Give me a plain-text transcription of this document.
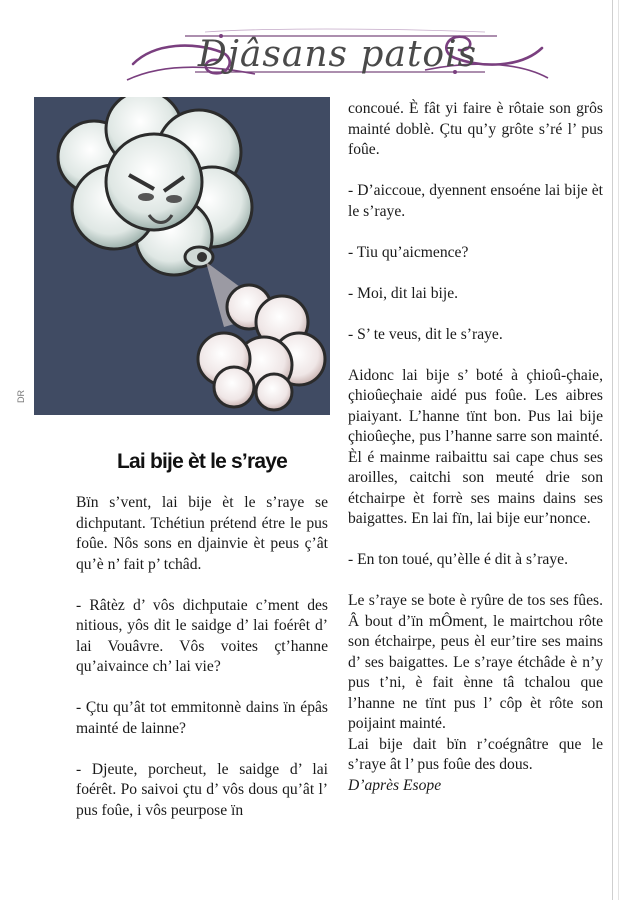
Djâsans patois
DR
Lai bije èt le s’raye

Bïn s’vent, lai bije èt le s’raye se dichputant. Tchétiun prétend étre le pus foûe. Nôs sons en djainvie èt peus ç’ât qu’è n’ fait p’ tchâd.

- Râtèz d’ vôs dichputaie c’ment des nitious, yôs dit le saidge d’ lai foérêt d’ lai Vouâvre. Vôs voites çt’hanne qu’aivaince ch’ lai vie?

- Çtu qu’ât tot emmitonnè dains ïn épâs mainté de lainne?

- Djeute, porcheut, le saidge d’ lai foérêt. Po saivoi çtu d’ vôs dous qu’ât l’ pus foûe, i vôs peurpose ïn

concoué. È fât yi faire è rôtaie son grôs mainté doblè. Çtu qu’y grôte s’ré l’ pus foûe.

- D’aiccoue, dyennent ensoéne lai bije èt le s’raye.

- Tiu qu’aicmence?

- Moi, dit lai bije.

- S’ te veus, dit le s’raye.

Aidonc lai bije s’ boté à çhioû-çhaie, çhioûeçhaie aidé pus foûe. Les aibres piaiyant. L’hanne tïnt bon. Pus lai bije çhioûeçhe, pus l’hanne sarre son mainté. Èl é mainme raibaittu sai cape chus ses aroilles, caitchi son meuté drie son étchairpe èt forrè ses mains dains ses baigattes. En lai fïn, lai bije eur’nonce.

- En ton toué, qu’èlle é dit à s’raye.

Le s’raye se bote è ryûre de tos ses fûes. Â bout d’ïn mÔment, le mairtchou rôte son étchairpe, peus èl eur’tire ses mains d’ ses baigattes. Le s’raye étchâde è n’y pus t’ni, è fait ènne tâ tchalou que l’hanne ne tïnt pus l’ côp èt rôte son poijaint mainté.

Lai bije dait bïn r’coégnâtre que le s’raye ât l’ pus foûe des dous.

D’après Esope
